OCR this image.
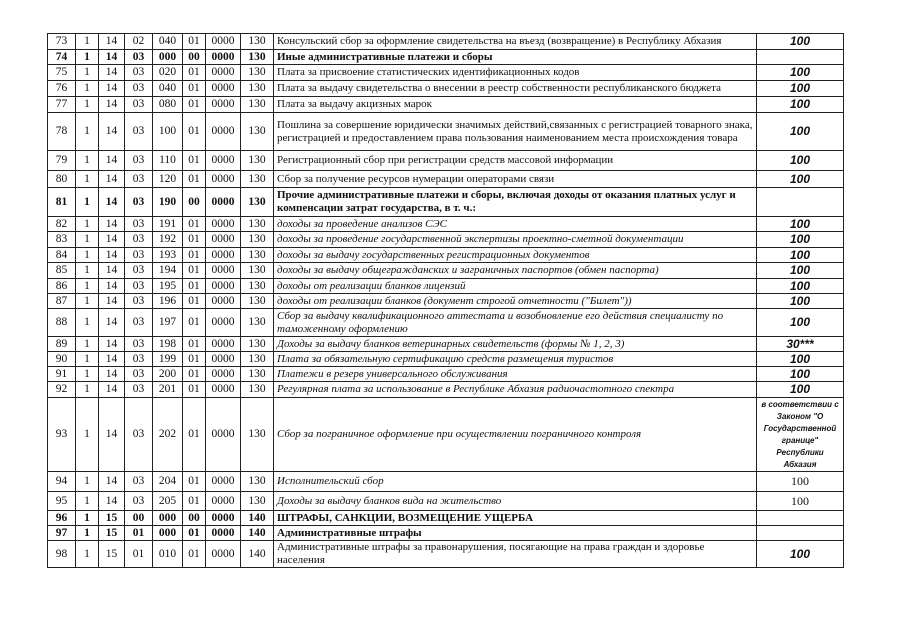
73	1	14	02	040	01	0000	130	Консульский сбор за оформление свидетельства на въезд (возвращение) в Республику Абхазия	100
74	1	14	03	000	00	0000	130	Иные административные платежи и сборы	
75	1	14	03	020	01	0000	130	Плата за присвоение статистических идентификационных кодов	100
76	1	14	03	040	01	0000	130	Плата за выдачу свидетельства о внесении в реестр собственности республиканского бюджета	100
77	1	14	03	080	01	0000	130	Плата за выдачу акцизных марок	100
78	1	14	03	100	01	0000	130	Пошлина за совершение юридически значимых действий,связанных с регистрацией товарного знака, регистрацией и предоставлением права пользования наименованием места происхождения товара	100
79	1	14	03	110	01	0000	130	Регистрационный сбор при регистрации средств массовой информации	100
80	1	14	03	120	01	0000	130	Сбор за получение ресурсов нумерации операторами связи	100
81	1	14	03	190	00	0000	130	Прочие административные платежи и сборы, включая доходы от оказания платных услуг и компенсации затрат государства, в т. ч.:	
82	1	14	03	191	01	0000	130	доходы за проведение анализов СЭС	100
83	1	14	03	192	01	0000	130	доходы за проведение государственной экспертизы проектно-сметной документации	100
84	1	14	03	193	01	0000	130	доходы за выдачу государственных регистрационных документов	100
85	1	14	03	194	01	0000	130	доходы за выдачу общегражданских и заграничных паспортов (обмен паспорта)	100
86	1	14	03	195	01	0000	130	доходы от реализации бланков лицензий	100
87	1	14	03	196	01	0000	130	доходы от реализации бланков (документ строгой отчетности ("Билет"))	100
88	1	14	03	197	01	0000	130	Сбор за выдачу квалификационного аттестата и возобновление его действия специалисту по таможенному оформлению	100
89	1	14	03	198	01	0000	130	Доходы за выдачу бланков ветеринарных свидетельств (формы № 1, 2, 3)	30***
90	1	14	03	199	01	0000	130	Плата за обязательную сертификацию средств размещения туристов	100
91	1	14	03	200	01	0000	130	Платежи в резерв универсального обслуживания	100
92	1	14	03	201	01	0000	130	Регулярная плата за использование в Республике Абхазия радиочастотного спектра	100
93	1	14	03	202	01	0000	130	Сбор за пограничное оформление при осуществлении пограничного контроля	в соответствии с Законом "О Государственной границе" Республики Абхазия
94	1	14	03	204	01	0000	130	Исполнительский сбор	100
95	1	14	03	205	01	0000	130	Доходы за выдачу бланков вида на жительство	100
96	1	15	00	000	00	0000	140	ШТРАФЫ, САНКЦИИ, ВОЗМЕЩЕНИЕ УЩЕРБА	
97	1	15	01	000	01	0000	140	Административные штрафы	
98	1	15	01	010	01	0000	140	Административные штрафы за правонарушения, посягающие на права граждан и здоровье населения	100
